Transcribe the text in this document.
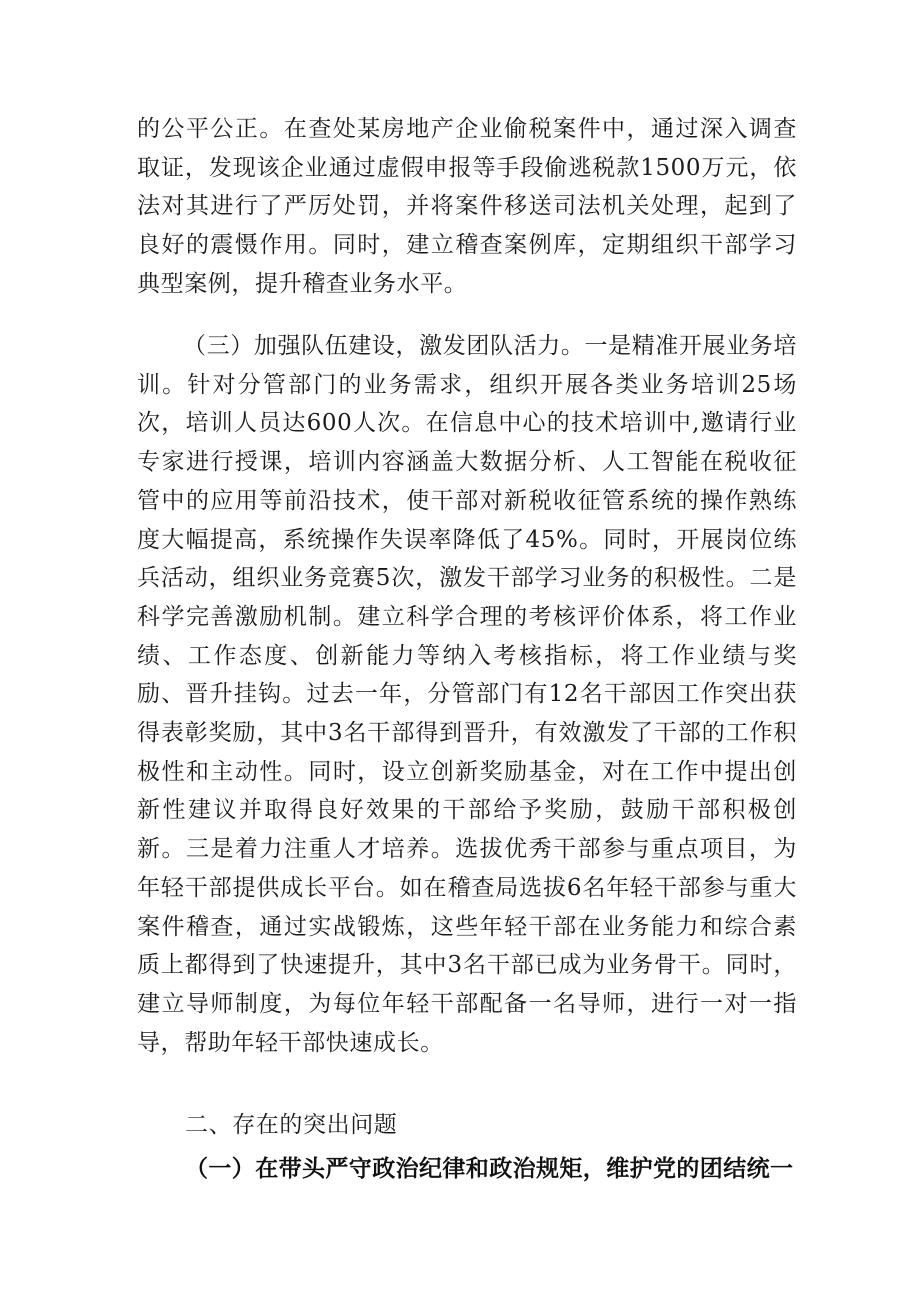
的公平公正。在查处某房地产企业偷税案件中，通过深入调查取证，发现该企业通过虚假申报等手段偷逃税款1500万元，依法对其进行了严厉处罚，并将案件移送司法机关处理，起到了良好的震慑作用。同时，建立稽查案例库，定期组织干部学习典型案例，提升稽查业务水平。

（三）加强队伍建设，激发团队活力。一是精准开展业务培训。针对分管部门的业务需求，组织开展各类业务培训25场次，培训人员达600人次。在信息中心的技术培训中,邀请行业专家进行授课，培训内容涵盖大数据分析、人工智能在税收征管中的应用等前沿技术，使干部对新税收征管系统的操作熟练度大幅提高，系统操作失误率降低了45%。同时，开展岗位练兵活动，组织业务竞赛5次，激发干部学习业务的积极性。二是科学完善激励机制。建立科学合理的考核评价体系，将工作业绩、工作态度、创新能力等纳入考核指标，将工作业绩与奖励、晋升挂钩。过去一年，分管部门有12名干部因工作突出获得表彰奖励，其中3名干部得到晋升，有效激发了干部的工作积极性和主动性。同时，设立创新奖励基金，对在工作中提出创新性建议并取得良好效果的干部给予奖励，鼓励干部积极创新。三是着力注重人才培养。选拔优秀干部参与重点项目，为年轻干部提供成长平台。如在稽查局选拔6名年轻干部参与重大案件稽查，通过实战锻炼，这些年轻干部在业务能力和综合素质上都得到了快速提升，其中3名干部已成为业务骨干。同时，建立导师制度，为每位年轻干部配备一名导师，进行一对一指导，帮助年轻干部快速成长。

二、存在的突出问题
（一）在带头严守政治纪律和政治规矩，维护党的团结统一
